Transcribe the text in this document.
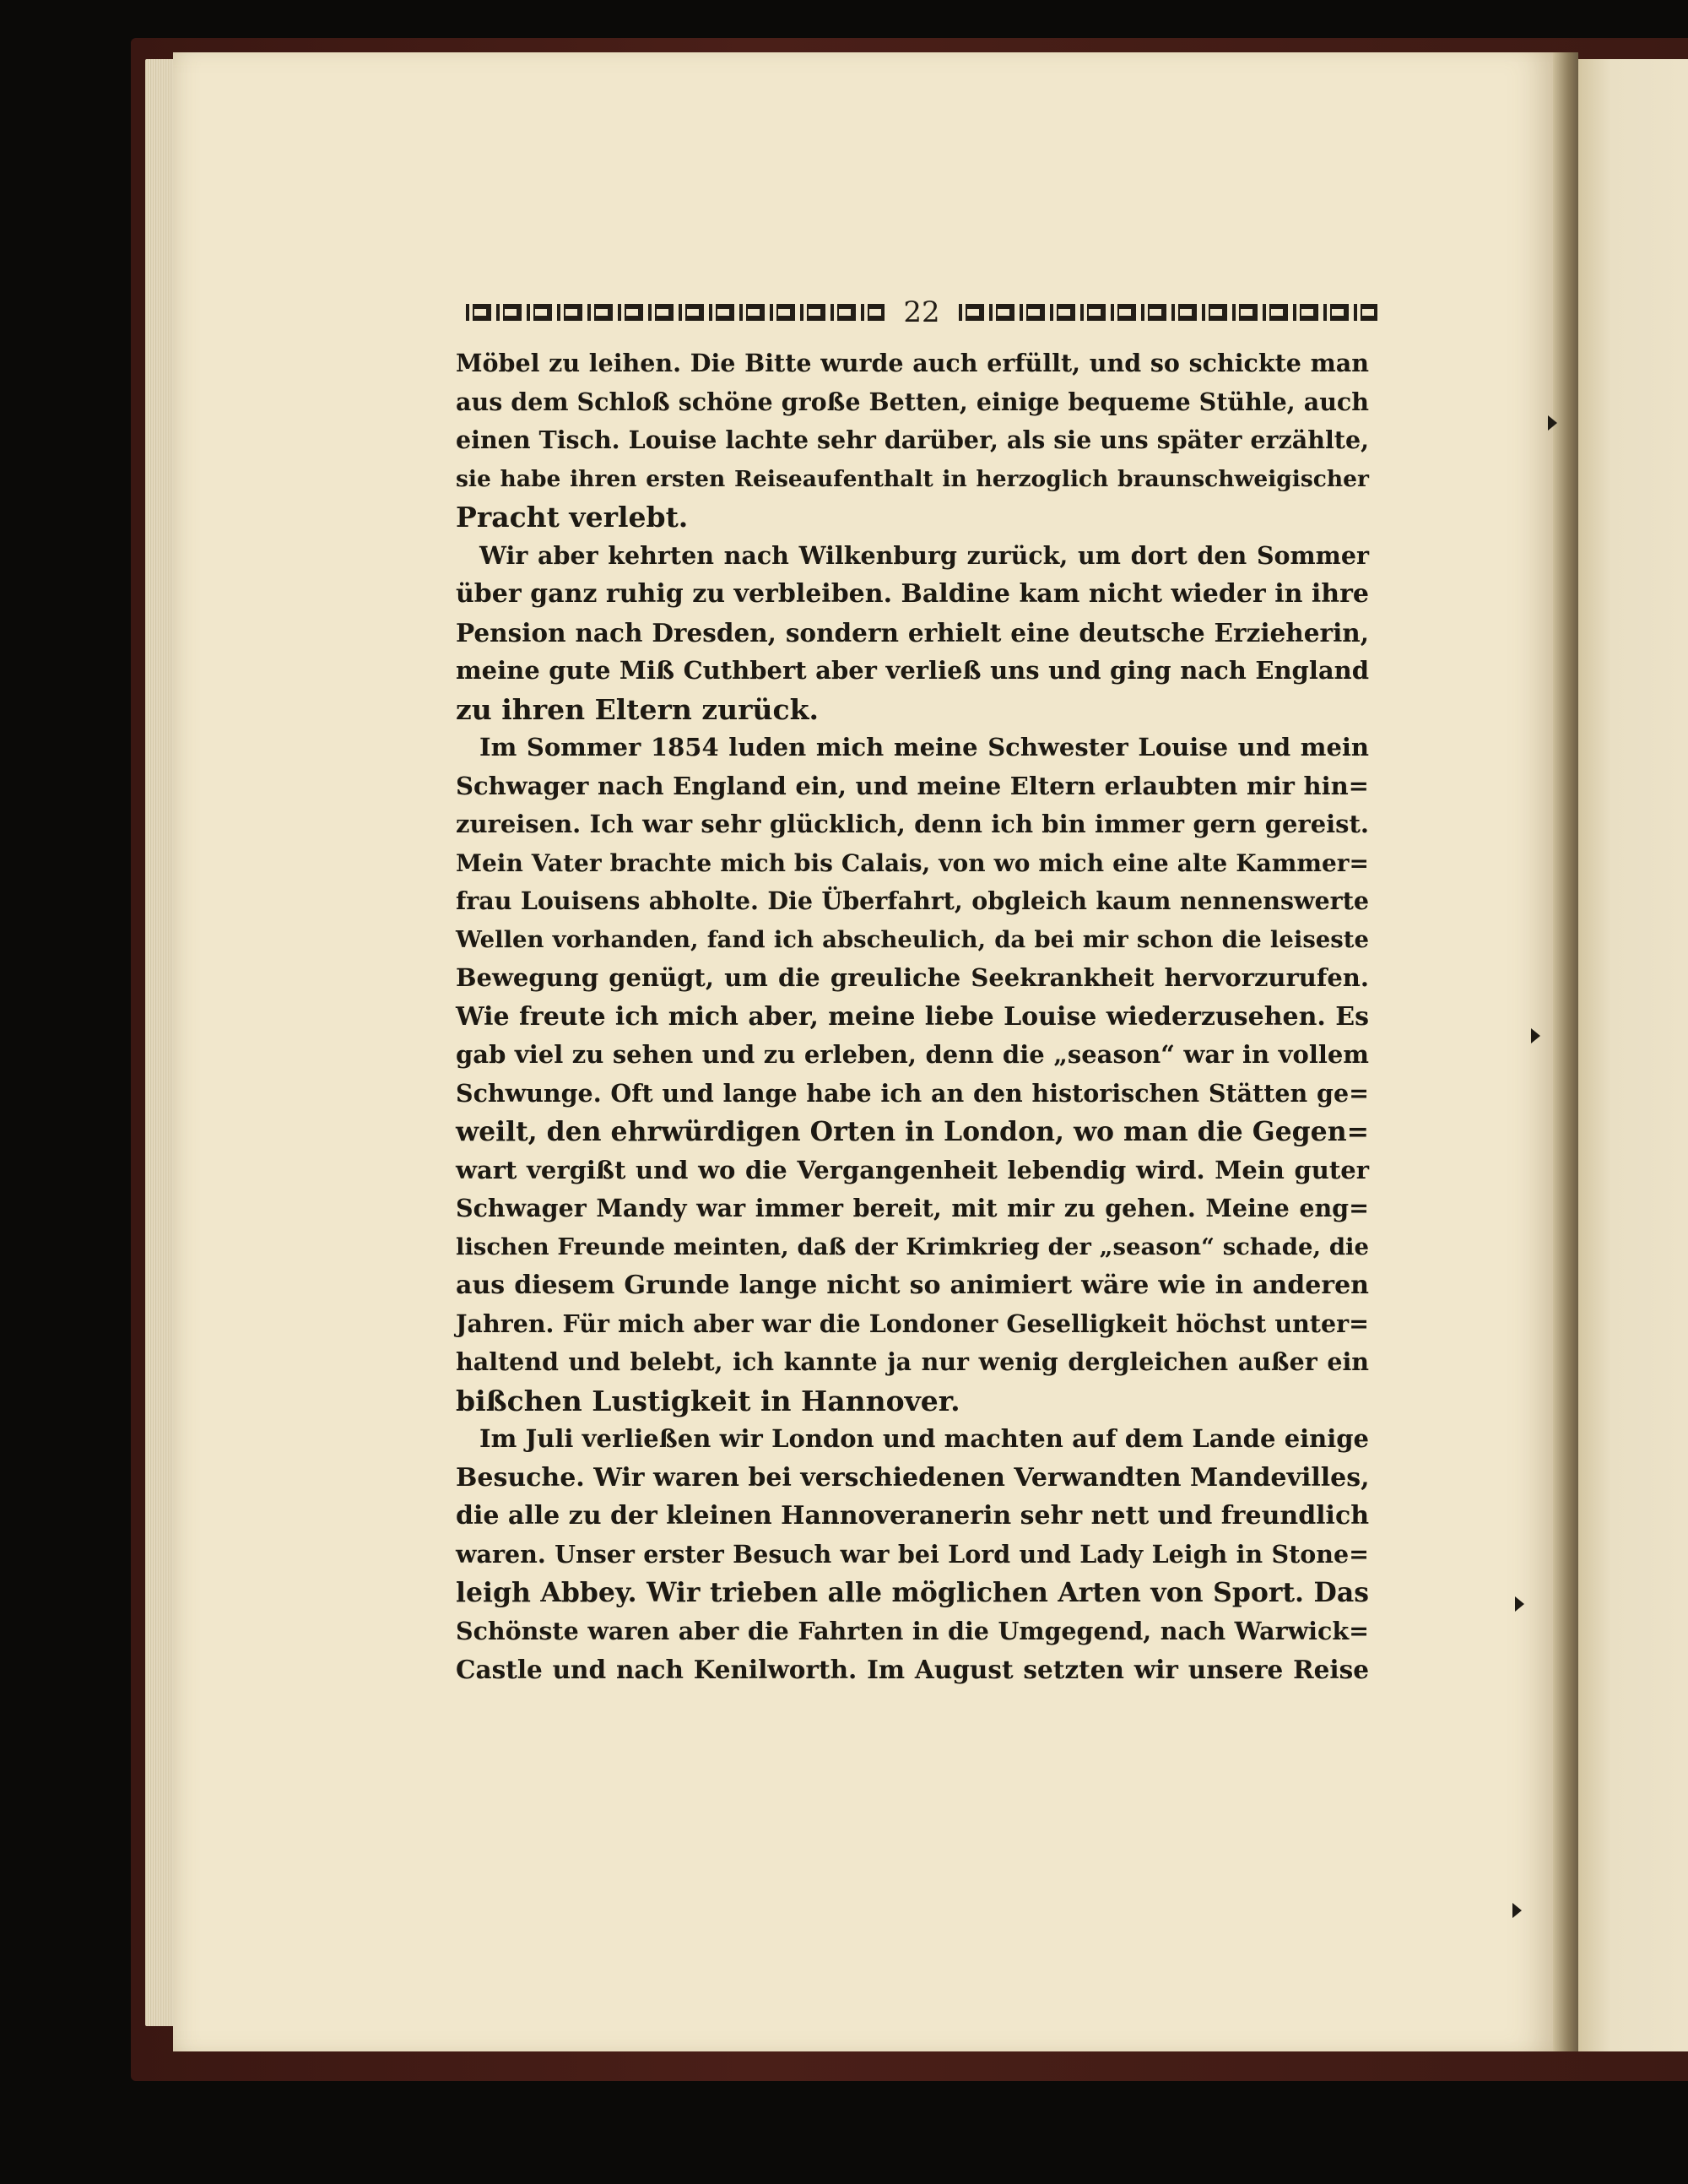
22

Möbel zu leihen. Die Bitte wurde auch erfüllt, und so schickte man
aus dem Schloß schöne große Betten, einige bequeme Stühle, auch
einen Tisch. Louise lachte sehr darüber, als sie uns später erzählte,
sie habe ihren ersten Reiseaufenthalt in herzoglich braunschweigischer
Pracht verlebt.

Wir aber kehrten nach Wilkenburg zurück, um dort den Sommer
über ganz ruhig zu verbleiben. Baldine kam nicht wieder in ihre
Pension nach Dresden, sondern erhielt eine deutsche Erzieherin,
meine gute Miß Cuthbert aber verließ uns und ging nach England
zu ihren Eltern zurück.

Im Sommer 1854 luden mich meine Schwester Louise und mein
Schwager nach England ein, und meine Eltern erlaubten mir hin=
zureisen. Ich war sehr glücklich, denn ich bin immer gern gereist.
Mein Vater brachte mich bis Calais, von wo mich eine alte Kammer=
frau Louisens abholte. Die Überfahrt, obgleich kaum nennenswerte
Wellen vorhanden, fand ich abscheulich, da bei mir schon die leiseste
Bewegung genügt, um die greuliche Seekrankheit hervorzurufen.
Wie freute ich mich aber, meine liebe Louise wiederzusehen. Es
gab viel zu sehen und zu erleben, denn die „season“ war in vollem
Schwunge. Oft und lange habe ich an den historischen Stätten ge=
weilt, den ehrwürdigen Orten in London, wo man die Gegen=
wart vergißt und wo die Vergangenheit lebendig wird. Mein guter
Schwager Mandy war immer bereit, mit mir zu gehen. Meine eng=
lischen Freunde meinten, daß der Krimkrieg der „season“ schade, die
aus diesem Grunde lange nicht so animiert wäre wie in anderen
Jahren. Für mich aber war die Londoner Geselligkeit höchst unter=
haltend und belebt, ich kannte ja nur wenig dergleichen außer ein
bißchen Lustigkeit in Hannover.

Im Juli verließen wir London und machten auf dem Lande einige
Besuche. Wir waren bei verschiedenen Verwandten Mandevilles,
die alle zu der kleinen Hannoveranerin sehr nett und freundlich
waren. Unser erster Besuch war bei Lord und Lady Leigh in Stone=
leigh Abbey. Wir trieben alle möglichen Arten von Sport. Das
Schönste waren aber die Fahrten in die Umgegend, nach Warwick=
Castle und nach Kenilworth. Im August setzten wir unsere Reise
